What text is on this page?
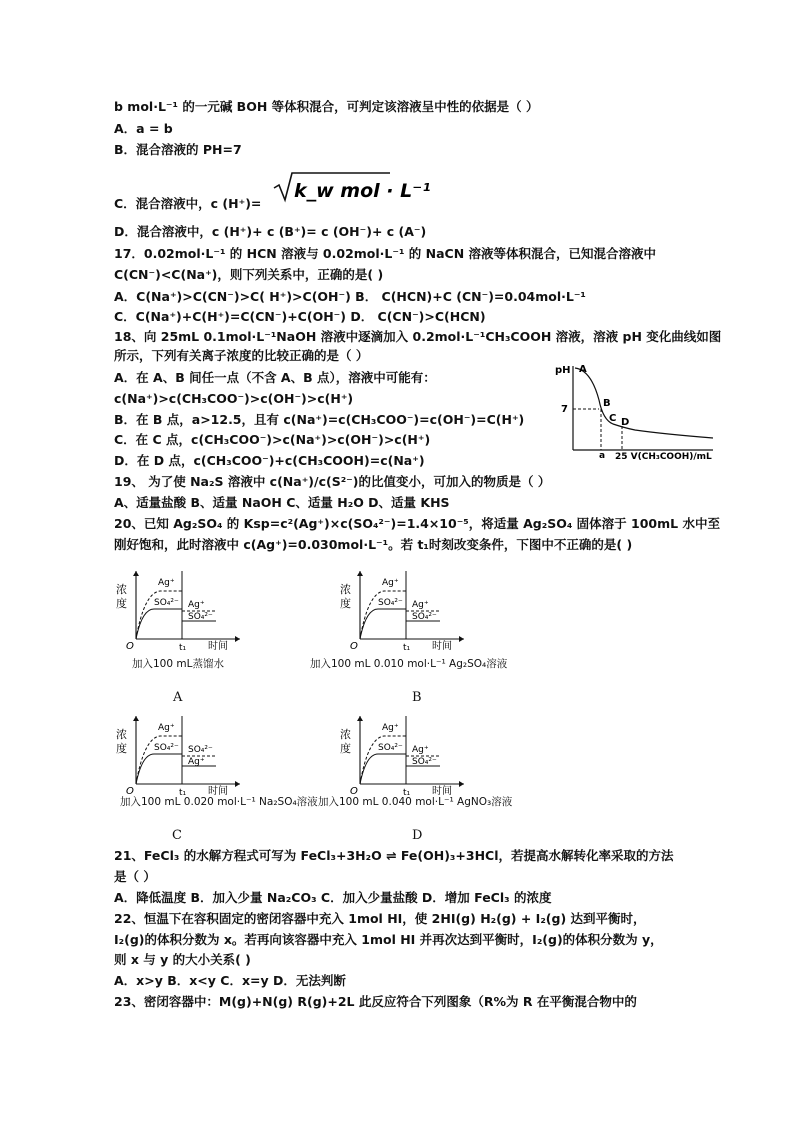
b mol·L⁻¹ 的一元碱 BOH 等体积混合，可判定该溶液呈中性的依据是（ ）
A．a = b
B．混合溶液的 PH=7
C．混合溶液中，c (H⁺)=
k_w mol · L⁻¹
D．混合溶液中，c (H⁺)+ c (B⁺)= c (OH⁻)+ c (A⁻)
17．0.02mol·L⁻¹ 的 HCN 溶液与 0.02mol·L⁻¹ 的 NaCN 溶液等体积混合，已知混合溶液中
C(CN⁻)<C(Na⁺)，则下列关系中，正确的是( )
A．C(Na⁺)>C(CN⁻)>C( H⁺)>C(OH⁻) B． C(HCN)+C (CN⁻)=0.04mol·L⁻¹
C．C(Na⁺)+C(H⁺)=C(CN⁻)+C(OH⁻) D． C(CN⁻)>C(HCN)
18、向 25mL 0.1mol·L⁻¹NaOH 溶液中逐滴加入 0.2mol·L⁻¹CH₃COOH 溶液，溶液 pH 变化曲线如图
所示，下列有关离子浓度的比较正确的是（ ）
A．在 A、B 间任一点（不含 A、B 点），溶液中可能有：
c(Na⁺)>c(CH₃COO⁻)>c(OH⁻)>c(H⁺)
B．在 B 点，a>12.5，且有 c(Na⁺)=c(CH₃COO⁻)=c(OH⁻)=C(H⁺)
C．在 C 点，c(CH₃COO⁻)>c(Na⁺)>c(OH⁻)>c(H⁺)
D．在 D 点，c(CH₃COO⁻)+c(CH₃COOH)=c(Na⁺)
19、 为了使 Na₂S 溶液中 c(Na⁺)/c(S²⁻)的比值变小，可加入的物质是（ ）
A、适量盐酸 B、适量 NaOH C、适量 H₂O D、适量 KHS
20、已知 Ag₂SO₄ 的 Ksp=c²(Ag⁺)×c(SO₄²⁻)=1.4×10⁻⁵，将适量 Ag₂SO₄ 固体溶于 100mL 水中至
刚好饱和，此时溶液中 c(Ag⁺)=0.030mol·L⁻¹。若 t₁时刻改变条件，下图中不正确的是( )
21、FeCl₃ 的水解方程式可写为 FeCl₃+3H₂O ⇌ Fe(OH)₃+3HCl，若提高水解转化率采取的方法
是（ ）
A．降低温度 B．加入少量 Na₂CO₃ C．加入少量盐酸 D．增加 FeCl₃ 的浓度
22、恒温下在容积固定的密闭容器中充入 1mol HI，使 2HI(g) H₂(g) + I₂(g) 达到平衡时，
I₂(g)的体积分数为 x。若再向该容器中充入 1mol HI 并再次达到平衡时，I₂(g)的体积分数为 y，
则 x 与 y 的大小关系( )
A．x>y B．x<y C．x=y D．无法判断
23、密闭容器中：M(g)+N(g) R(g)+2L 此反应符合下列图象（R%为 R 在平衡混合物中的
pH
7
A
B
C D
a 25 V(CH₃COOH)/mL
浓
度
O	t₁ 时间
Ag⁺
SO₄²⁻ Ag⁺
SO₄²⁻
加入100 mL蒸馏水
A
浓
度
O	t₁ 时间
Ag⁺
SO₄²⁻ Ag⁺
SO₄²⁻
加入100 mL 0.010 mol·L⁻¹ Ag₂SO₄溶液
B
浓
度
O	t₁ 时间
Ag⁺
SO₄²⁻ SO₄²⁻
Ag⁺
加入100 mL 0.020 mol·L⁻¹ Na₂SO₄溶液
C
浓
度
O	t₁ 时间
Ag⁺
SO₄²⁻ Ag⁺
SO₄²⁻
加入100 mL 0.040 mol·L⁻¹ AgNO₃溶液
D
